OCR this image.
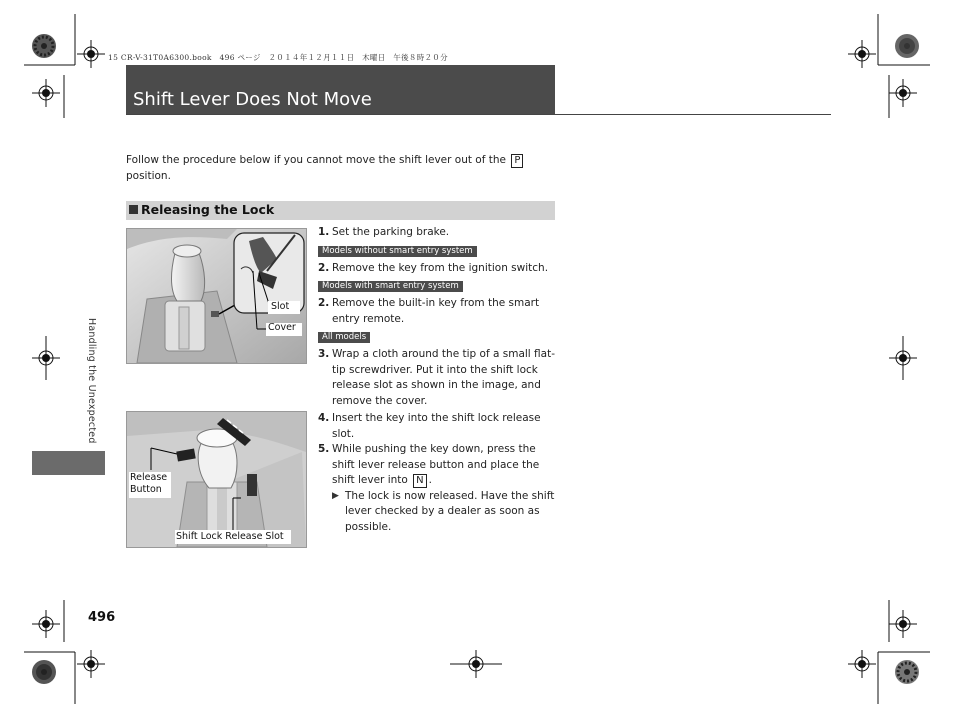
15 CR-V-31T0A6300.book　496 ページ　２０１４年１２月１１日　木曜日　午後８時２０分
Shift Lever Does Not Move
Follow the procedure below if you cannot move the shift lever out of the P
position.
Releasing the Lock
Slot
Cover
Release
Button
Shift Lock Release Slot
1. Set the parking brake.
Models without smart entry system
2. Remove the key from the ignition switch.
Models with smart entry system
2. Remove the built-in key from the smart entry remote.
All models
3. Wrap a cloth around the tip of a small flat-tip screwdriver. Put it into the shift lock release slot as shown in the image, and remove the cover.
4. Insert the key into the shift lock release slot.
5. While pushing the key down, press the shift lever release button and place the shift lever into N .
▶ The lock is now released. Have the shift lever checked by a dealer as soon as possible.
Handling the Unexpected
496
